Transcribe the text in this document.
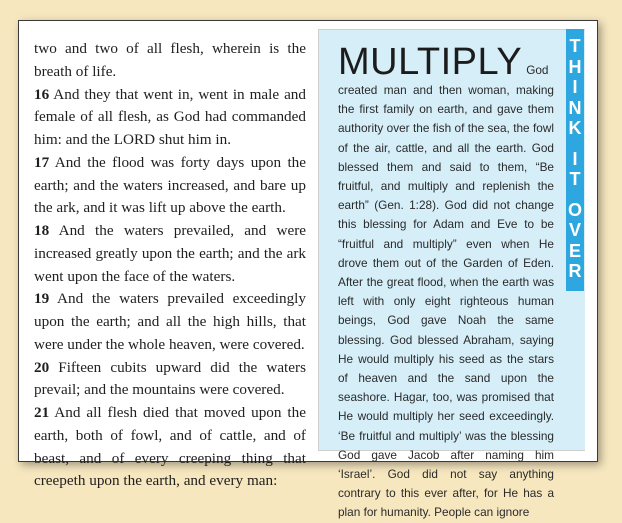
two and two of all flesh, wherein is the breath of life.

16 And they that went in, went in male and female of all flesh, as God had commanded him: and the LORD shut him in.

17 And the flood was forty days upon the earth; and the waters increased, and bare up the ark, and it was lift up above the earth.

18 And the waters prevailed, and were increased greatly upon the earth; and the ark went upon the face of the waters.

19 And the waters prevailed exceedingly upon the earth; and all the high hills, that were under the whole heaven, were covered.

20 Fifteen cubits upward did the waters prevail; and the mountains were covered.

21 And all flesh died that moved upon the earth, both of fowl, and of cattle, and of beast, and of every creeping thing that creepeth upon the earth, and every man:

T
H
I
N
K
I
T
O
V
E
R
MULTIPLY God created man and then woman, making the first family on earth, and gave them authority over the fish of the sea, the fowl of the air, cattle, and all the earth. God blessed them and said to them, “Be fruitful, and multiply and replenish the earth” (Gen. 1:28). God did not change this blessing for Adam and Eve to be “fruitful and multiply” even when He drove them out of the Garden of Eden. After the great flood, when the earth was left with only eight righteous human beings, God gave Noah the same blessing. God blessed Abraham, saying He would multiply his seed as the stars of heaven and the sand upon the seashore. Hagar, too, was promised that He would multiply her seed exceedingly. ‘Be fruitful and multiply’ was the blessing God gave Jacob after naming him ‘Israel’. God did not say anything contrary to this ever after, for He has a plan for humanity. People can ignore
